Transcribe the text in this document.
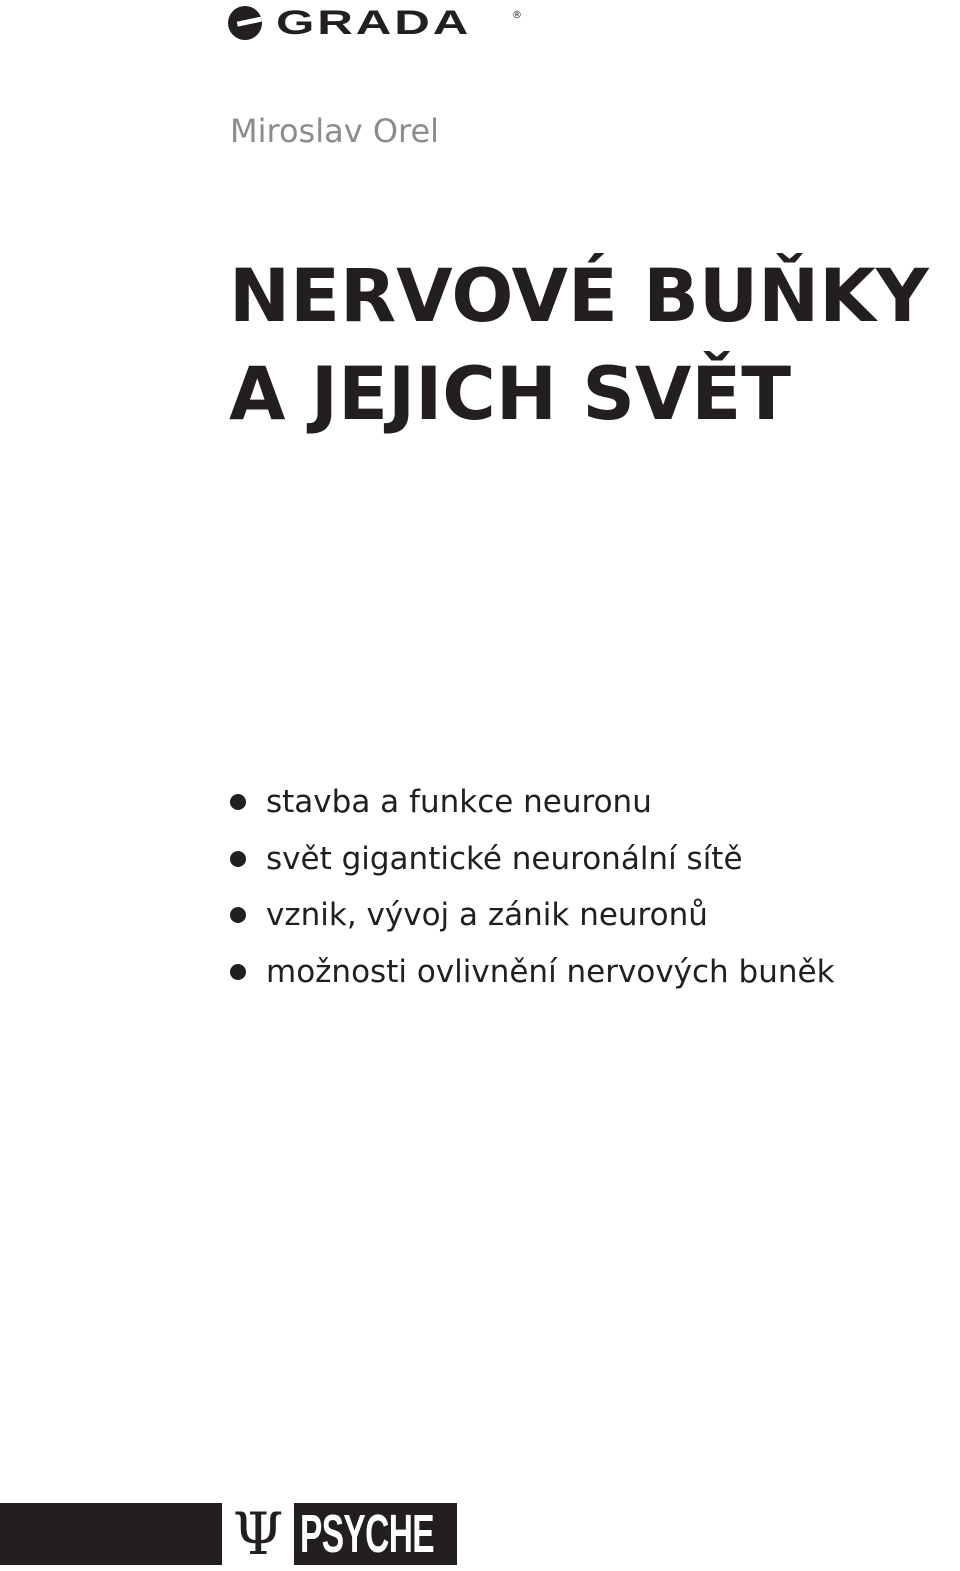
GRADA	®
Miroslav Orel
NERVOVÉ BUŇKY
A JEJICH SVĚT
stavba a funkce neuronu
svět gigantické neuronální sítě
vznik, vývoj a zánik neuronů
možnosti ovlivnění nervových buněk
Ψ PSYCHE
